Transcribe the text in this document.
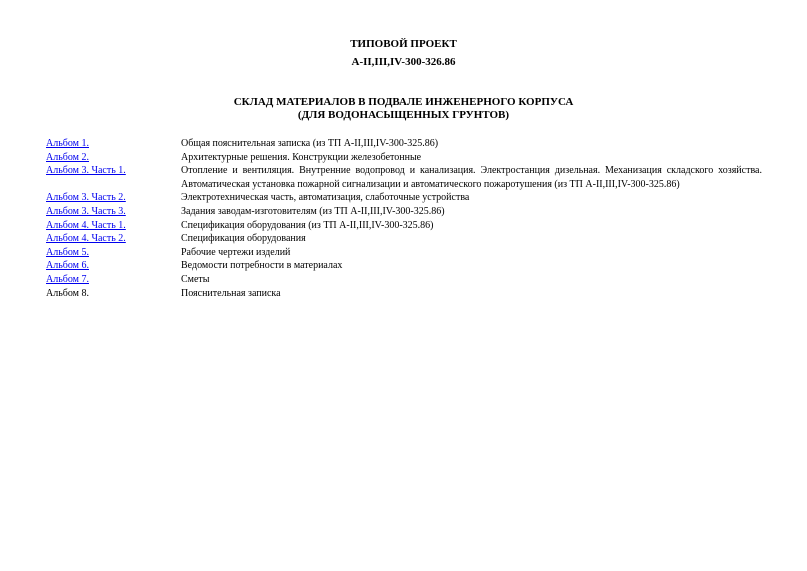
ТИПОВОЙ ПРОЕКТ
А-II,III,IV-300-326.86
СКЛАД МАТЕРИАЛОВ В ПОДВАЛЕ ИНЖЕНЕРНОГО КОРПУСА
(ДЛЯ ВОДОНАСЫЩЕННЫХ ГРУНТОВ)
Альбом 1.	Общая пояснительная записка (из ТП А-II,III,IV-300-325.86)
Альбом 2.	Архитектурные решения. Конструкции железобетонные
Альбом 3. Часть 1.	Отопление и вентиляция. Внутренние водопровод и канализация. Электростанция дизельная. Механизация складского хозяйства. Автоматическая установка пожарной сигнализации и автоматического пожаротушения (из ТП А-II,III,IV-300-325.86)
Альбом 3. Часть 2.	Электротехническая часть, автоматизация, слаботочные устройства
Альбом 3. Часть 3.	Задания заводам-изготовителям (из ТП А-II,III,IV-300-325.86)
Альбом 4. Часть 1.	Спецификация оборудования (из ТП А-II,III,IV-300-325.86)
Альбом 4. Часть 2.	Спецификация оборудования
Альбом 5.	Рабочие чертежи изделий
Альбом 6.	Ведомости потребности в материалах
Альбом 7.	Сметы
Альбом 8.	Пояснительная записка
